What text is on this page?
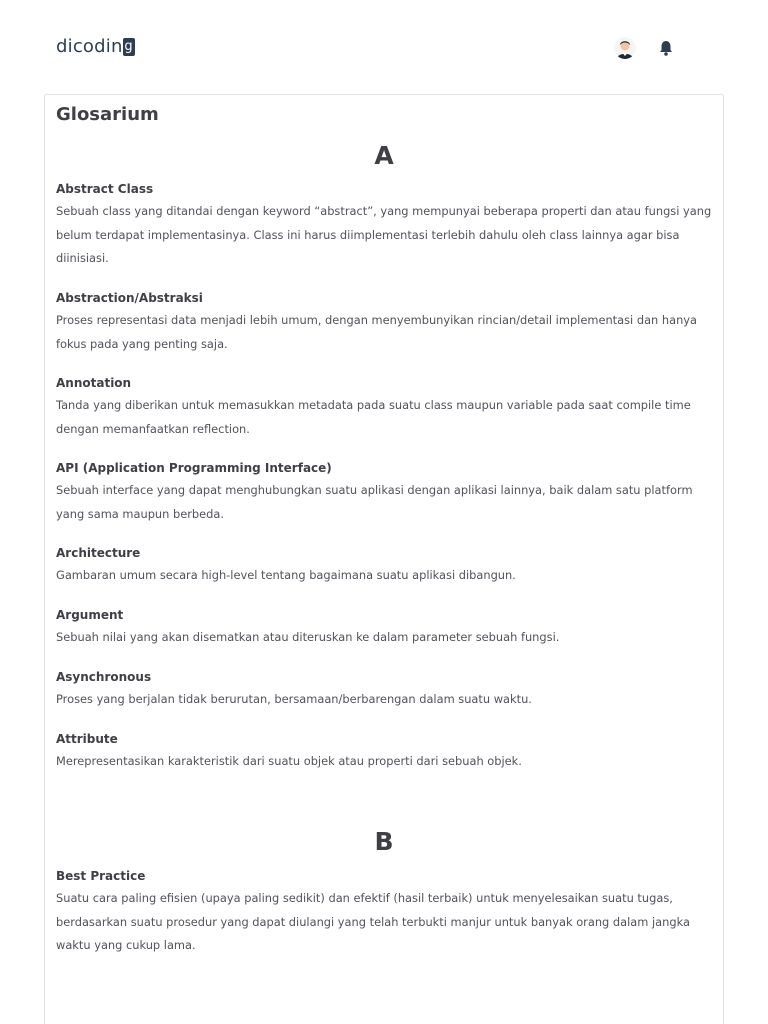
dicodin g
Glosarium
A
Abstract Class
Sebuah class yang ditandai dengan keyword “abstract”, yang mempunyai beberapa properti dan atau fungsi yang belum terdapat implementasinya. Class ini harus diimplementasi terlebih dahulu oleh class lainnya agar bisa diinisiasi.
Abstraction/Abstraksi
Proses representasi data menjadi lebih umum, dengan menyembunyikan rincian/detail implementasi dan hanya fokus pada yang penting saja.
Annotation
Tanda yang diberikan untuk memasukkan metadata pada suatu class maupun variable pada saat compile time dengan memanfaatkan reflection.
API (Application Programming Interface)
Sebuah interface yang dapat menghubungkan suatu aplikasi dengan aplikasi lainnya, baik dalam satu platform yang sama maupun berbeda.
Architecture
Gambaran umum secara high-level tentang bagaimana suatu aplikasi dibangun.
Argument
Sebuah nilai yang akan disematkan atau diteruskan ke dalam parameter sebuah fungsi.
Asynchronous
Proses yang berjalan tidak berurutan, bersamaan/berbarengan dalam suatu waktu.
Attribute
Merepresentasikan karakteristik dari suatu objek atau properti dari sebuah objek.
B
Best Practice
Suatu cara paling efisien (upaya paling sedikit) dan efektif (hasil terbaik) untuk menyelesaikan suatu tugas, berdasarkan suatu prosedur yang dapat diulangi yang telah terbukti manjur untuk banyak orang dalam jangka waktu yang cukup lama.
